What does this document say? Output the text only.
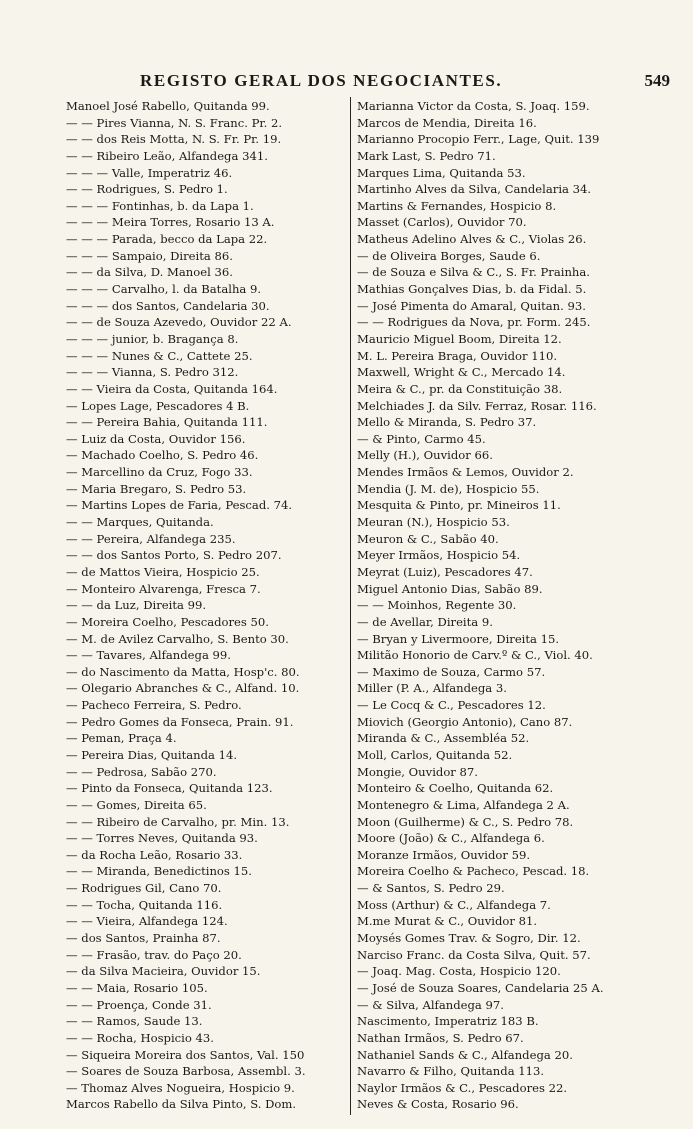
REGISTO GERAL DOS NEGOCIANTES.	549
Manoel José Rabello, Quitanda 99.
— — Pires Vianna, N. S. Franc. Pr. 2.
— — dos Reis Motta, N. S. Fr. Pr. 19.
— — Ribeiro Leão, Alfandega 341.
— — — Valle, Imperatriz 46.
— — Rodrigues, S. Pedro 1.
— — — Fontinhas, b. da Lapa 1.
— — — Meira Torres, Rosario 13 A.
— — — Parada, becco da Lapa 22.
— — — Sampaio, Direita 86.
— — da Silva, D. Manoel 36.
— — — Carvalho, l. da Batalha 9.
— — — dos Santos, Candelaria 30.
— — de Souza Azevedo, Ouvidor 22 A.
— — — junior, b. Bragança 8.
— — — Nunes & C., Cattete 25.
— — — Vianna, S. Pedro 312.
— — Vieira da Costa, Quitanda 164.
— Lopes Lage, Pescadores 4 B.
— — Pereira Bahia, Quitanda 111.
— Luiz da Costa, Ouvidor 156.
— Machado Coelho, S. Pedro 46.
— Marcellino da Cruz, Fogo 33.
— Maria Bregaro, S. Pedro 53.
— Martins Lopes de Faria, Pescad. 74.
— — Marques, Quitanda.
— — Pereira, Alfandega 235.
— — dos Santos Porto, S. Pedro 207.
— de Mattos Vieira, Hospicio 25.
— Monteiro Alvarenga, Fresca 7.
— — da Luz, Direita 99.
— Moreira Coelho, Pescadores 50.
— M. de Avilez Carvalho, S. Bento 30.
— — Tavares, Alfandega 99.
— do Nascimento da Matta, Hosp'c. 80.
— Olegario Abranches & C., Alfand. 10.
— Pacheco Ferreira, S. Pedro.
— Pedro Gomes da Fonseca, Prain. 91.
— Peman, Praça 4.
— Pereira Dias, Quitanda 14.
— — Pedrosa, Sabão 270.
— Pinto da Fonseca, Quitanda 123.
— — Gomes, Direita 65.
— — Ribeiro de Carvalho, pr. Min. 13.
— — Torres Neves, Quitanda 93.
— da Rocha Leão, Rosario 33.
— — Miranda, Benedictinos 15.
— Rodrigues Gil, Cano 70.
— — Tocha, Quitanda 116.
— — Vieira, Alfandega 124.
— dos Santos, Prainha 87.
— — Frasão, trav. do Paço 20.
— da Silva Macieira, Ouvidor 15.
— — Maia, Rosario 105.
— — Proença, Conde 31.
— — Ramos, Saude 13.
— — Rocha, Hospicio 43.
— Siqueira Moreira dos Santos, Val. 150
— Soares de Souza Barbosa, Assembl. 3.
— Thomaz Alves Nogueira, Hospicio 9.
Marcos Rabello da Silva Pinto, S. Dom.
Marianna Victor da Costa, S. Joaq. 159.
Marcos de Mendia, Direita 16.
Marianno Procopio Ferr., Lage, Quit. 139
Mark Last, S. Pedro 71.
Marques Lima, Quitanda 53.
Martinho Alves da Silva, Candelaria 34.
Martins & Fernandes, Hospicio 8.
Masset (Carlos), Ouvidor 70.
Matheus Adelino Alves & C., Violas 26.
— de Oliveira Borges, Saude 6.
— de Souza e Silva & C., S. Fr. Prainha.
Mathias Gonçalves Dias, b. da Fidal. 5.
— José Pimenta do Amaral, Quitan. 93.
— — Rodrigues da Nova, pr. Form. 245.
Mauricio Miguel Boom, Direita 12.
M. L. Pereira Braga, Ouvidor 110.
Maxwell, Wright & C., Mercado 14.
Meira & C., pr. da Constituição 38.
Melchiades J. da Silv. Ferraz, Rosar. 116.
Mello & Miranda, S. Pedro 37.
— & Pinto, Carmo 45.
Melly (H.), Ouvidor 66.
Mendes Irmãos & Lemos, Ouvidor 2.
Mendia (J. M. de), Hospicio 55.
Mesquita & Pinto, pr. Mineiros 11.
Meuran (N.), Hospicio 53.
Meuron & C., Sabão 40.
Meyer Irmãos, Hospicio 54.
Meyrat (Luiz), Pescadores 47.
Miguel Antonio Dias, Sabão 89.
— — Moinhos, Regente 30.
— de Avellar, Direita 9.
— Bryan y Livermoore, Direita 15.
Militão Honorio de Carv.º & C., Viol. 40.
— Maximo de Souza, Carmo 57.
Miller (P. A., Alfandega 3.
— Le Cocq & C., Pescadores 12.
Miovich (Georgio Antonio), Cano 87.
Miranda & C., Assembléa 52.
Moll, Carlos, Quitanda 52.
Mongie, Ouvidor 87.
Monteiro & Coelho, Quitanda 62.
Montenegro & Lima, Alfandega 2 A.
Moon (Guilherme) & C., S. Pedro 78.
Moore (João) & C., Alfandega 6.
Moranze Irmãos, Ouvidor 59.
Moreira Coelho & Pacheco, Pescad. 18.
— & Santos, S. Pedro 29.
Moss (Arthur) & C., Alfandega 7.
M.me Murat & C., Ouvidor 81.
Moysés Gomes Trav. & Sogro, Dir. 12.
Narciso Franc. da Costa Silva, Quit. 57.
— Joaq. Mag. Costa, Hospicio 120.
— José de Souza Soares, Candelaria 25 A.
— & Silva, Alfandega 97.
Nascimento, Imperatriz 183 B.
Nathan Irmãos, S. Pedro 67.
Nathaniel Sands & C., Alfandega 20.
Navarro & Filho, Quitanda 113.
Naylor Irmãos & C., Pescadores 22.
Neves & Costa, Rosario 96.
